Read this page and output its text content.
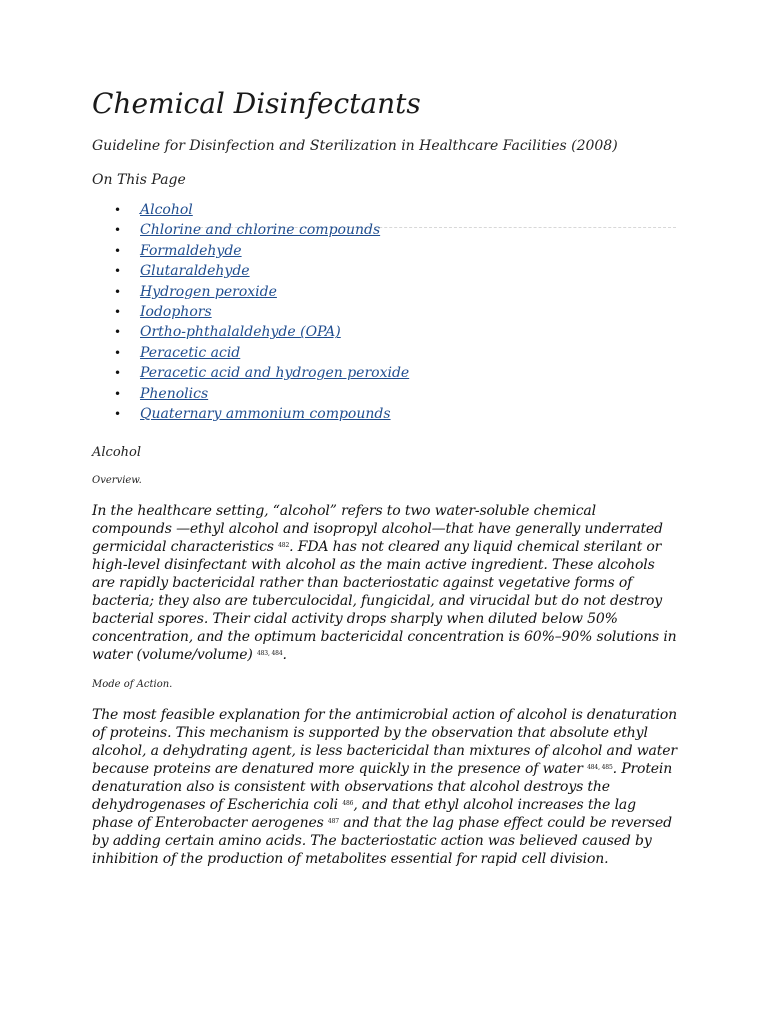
Chemical Disinfectants

Guideline for Disinfection and Sterilization in Healthcare Facilities (2008)

On This Page

• Alcohol
• Chlorine and chlorine compounds
• Formaldehyde
• Glutaraldehyde
• Hydrogen peroxide
• Iodophors
• Ortho-phthalaldehyde (OPA)
• Peracetic acid
• Peracetic acid and hydrogen peroxide
• Phenolics
• Quaternary ammonium compounds

Alcohol

Overview.

In the healthcare setting, “alcohol” refers to two water-soluble chemical compounds —ethyl alcohol and isopropyl alcohol—that have generally underrated germicidal characteristics $^{482}$. FDA has not cleared any liquid chemical sterilant or high-level disinfectant with alcohol as the main active ingredient. These alcohols are rapidly bactericidal rather than bacteriostatic against vegetative forms of bacteria; they also are tuberculocidal, fungicidal, and virucidal but do not destroy bacterial spores. Their cidal activity drops sharply when diluted below 50% concentration, and the optimum bactericidal concentration is 60%–90% solutions in water (volume/volume) $^{483, 484}$.

Mode of Action.

The most feasible explanation for the antimicrobial action of alcohol is denaturation of proteins. This mechanism is supported by the observation that absolute ethyl alcohol, a dehydrating agent, is less bactericidal than mixtures of alcohol and water because proteins are denatured more quickly in the presence of water $^{484, 485}$. Protein denaturation also is consistent with observations that alcohol destroys the dehydrogenases of Escherichia coli $^{486}$, and that ethyl alcohol increases the lag phase of Enterobacter aerogenes $^{487}$ and that the lag phase effect could be reversed by adding certain amino acids. The bacteriostatic action was believed caused by inhibition of the production of metabolites essential for rapid cell division.
